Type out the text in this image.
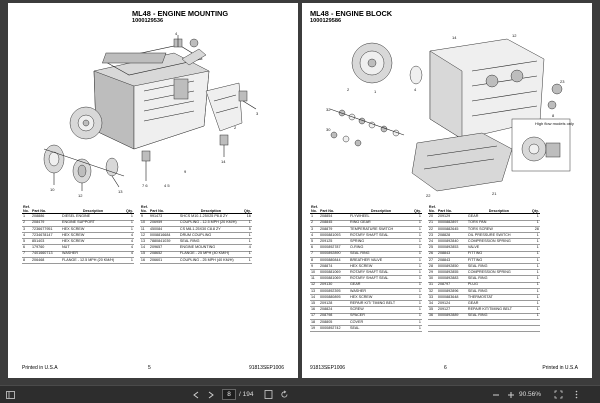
ML48 - ENGINE MOUNTING
1000129536
7 6
14
3
4
10
12
13
4 5
9
2
Ref.
No.	Part No.	Description	Qty.		Ref.
No.	Part No.	Description	Qty.
1	208886	DIESEL ENGINE	1		9	991473	SHCS M10-1.25X25 P8.8 ZY	16
2	208479	ENGINE SUPPORT	1		10	206959	COUPLING - 12.5 MPH (20 KM/H)	1
3	7236677951	HEX SCREW	1		11	450084	CS M8-1.25X30 C8.8 ZY	5
4	7234678147	HEX SCREW	4		12	0008816684	DRUM COUPLING	1
5	851403	HEX SCREW	4		13	7880841039	SEAL RING	1
6	179760	NUT	4		14	209657	ENGINE MOUNTING	4
7	7401660713	WASHER	4		15	208652	FLANGE - 25 MPH (40 KM/H)	1
8	206468	FLANGE - 12.5 MPH (20 KM/H)	1		16	206601	COUPLING - 25 MPH (40 KM/H)	1
Printed in U.S.A	5	91813SEP1006
ML48 - ENGINE BLOCK
1000129586
High flow models only
2	1	4
32
30
22	21
23
8
14	12
Ref.
No.	Part No.	Description	Qty.		Ref.
No.	Part No.	Description	Qty.
1	208854	FLYWHEEL	1		20	209129	GEAR	1
2	208845	RING GEAR	1		21	0000882897	TORX PAN	1
3	208879	TEMPERATURE SWITCH	1		22	0000882645	TORX SCREW	28
4	0000881093	ROTARY SHAFT SEAL	1		23	208828	OIL PRESSURE SWITCH	1
5	209125	SPRING	1		24	0000892840	COMPRESSION SPRING	1
6	0000892787	O-RING	1		25	0000892853	VALVE	1
7	0000892890	SEAL RING	1		26	208843	FITTING	1
8	0000880844	BREATHER VALVE	1		27	208843	FITTING	1
9	208874	HEX SCREW	1		28	0000892850	SEAL RING	1
10	0000881069	ROTARY SHAFT SEAL	1		29	0000892855	COMPRESSION SPRING	1
11	0000881069	ROTARY SHAFT SEAL	1		30	0000892883	SEAL RING	1
12	209130	GEAR	1		31	208797	PLUG	1
13	0000892395	WASHER	1		32	0000892896	SEAL RING	1
14	0000880895	HEX SCREW	1		33	0000883648	THERMOSTAT	1
15	209128	REPAIR KIT/ TIMING BELT	1		34	209124	GEAR	1
16	208824	SCREW	1		35	209127	REPAIR KIT/TIMING BELT	1
17	208798	SPACER	1		36	0000892889	SEAL RING	1
18	208805	COVER	1					
19	0000892742	SEAL	1					
91813SEP1006	6	Printed in U.S.A
8
/ 194	90.56%
